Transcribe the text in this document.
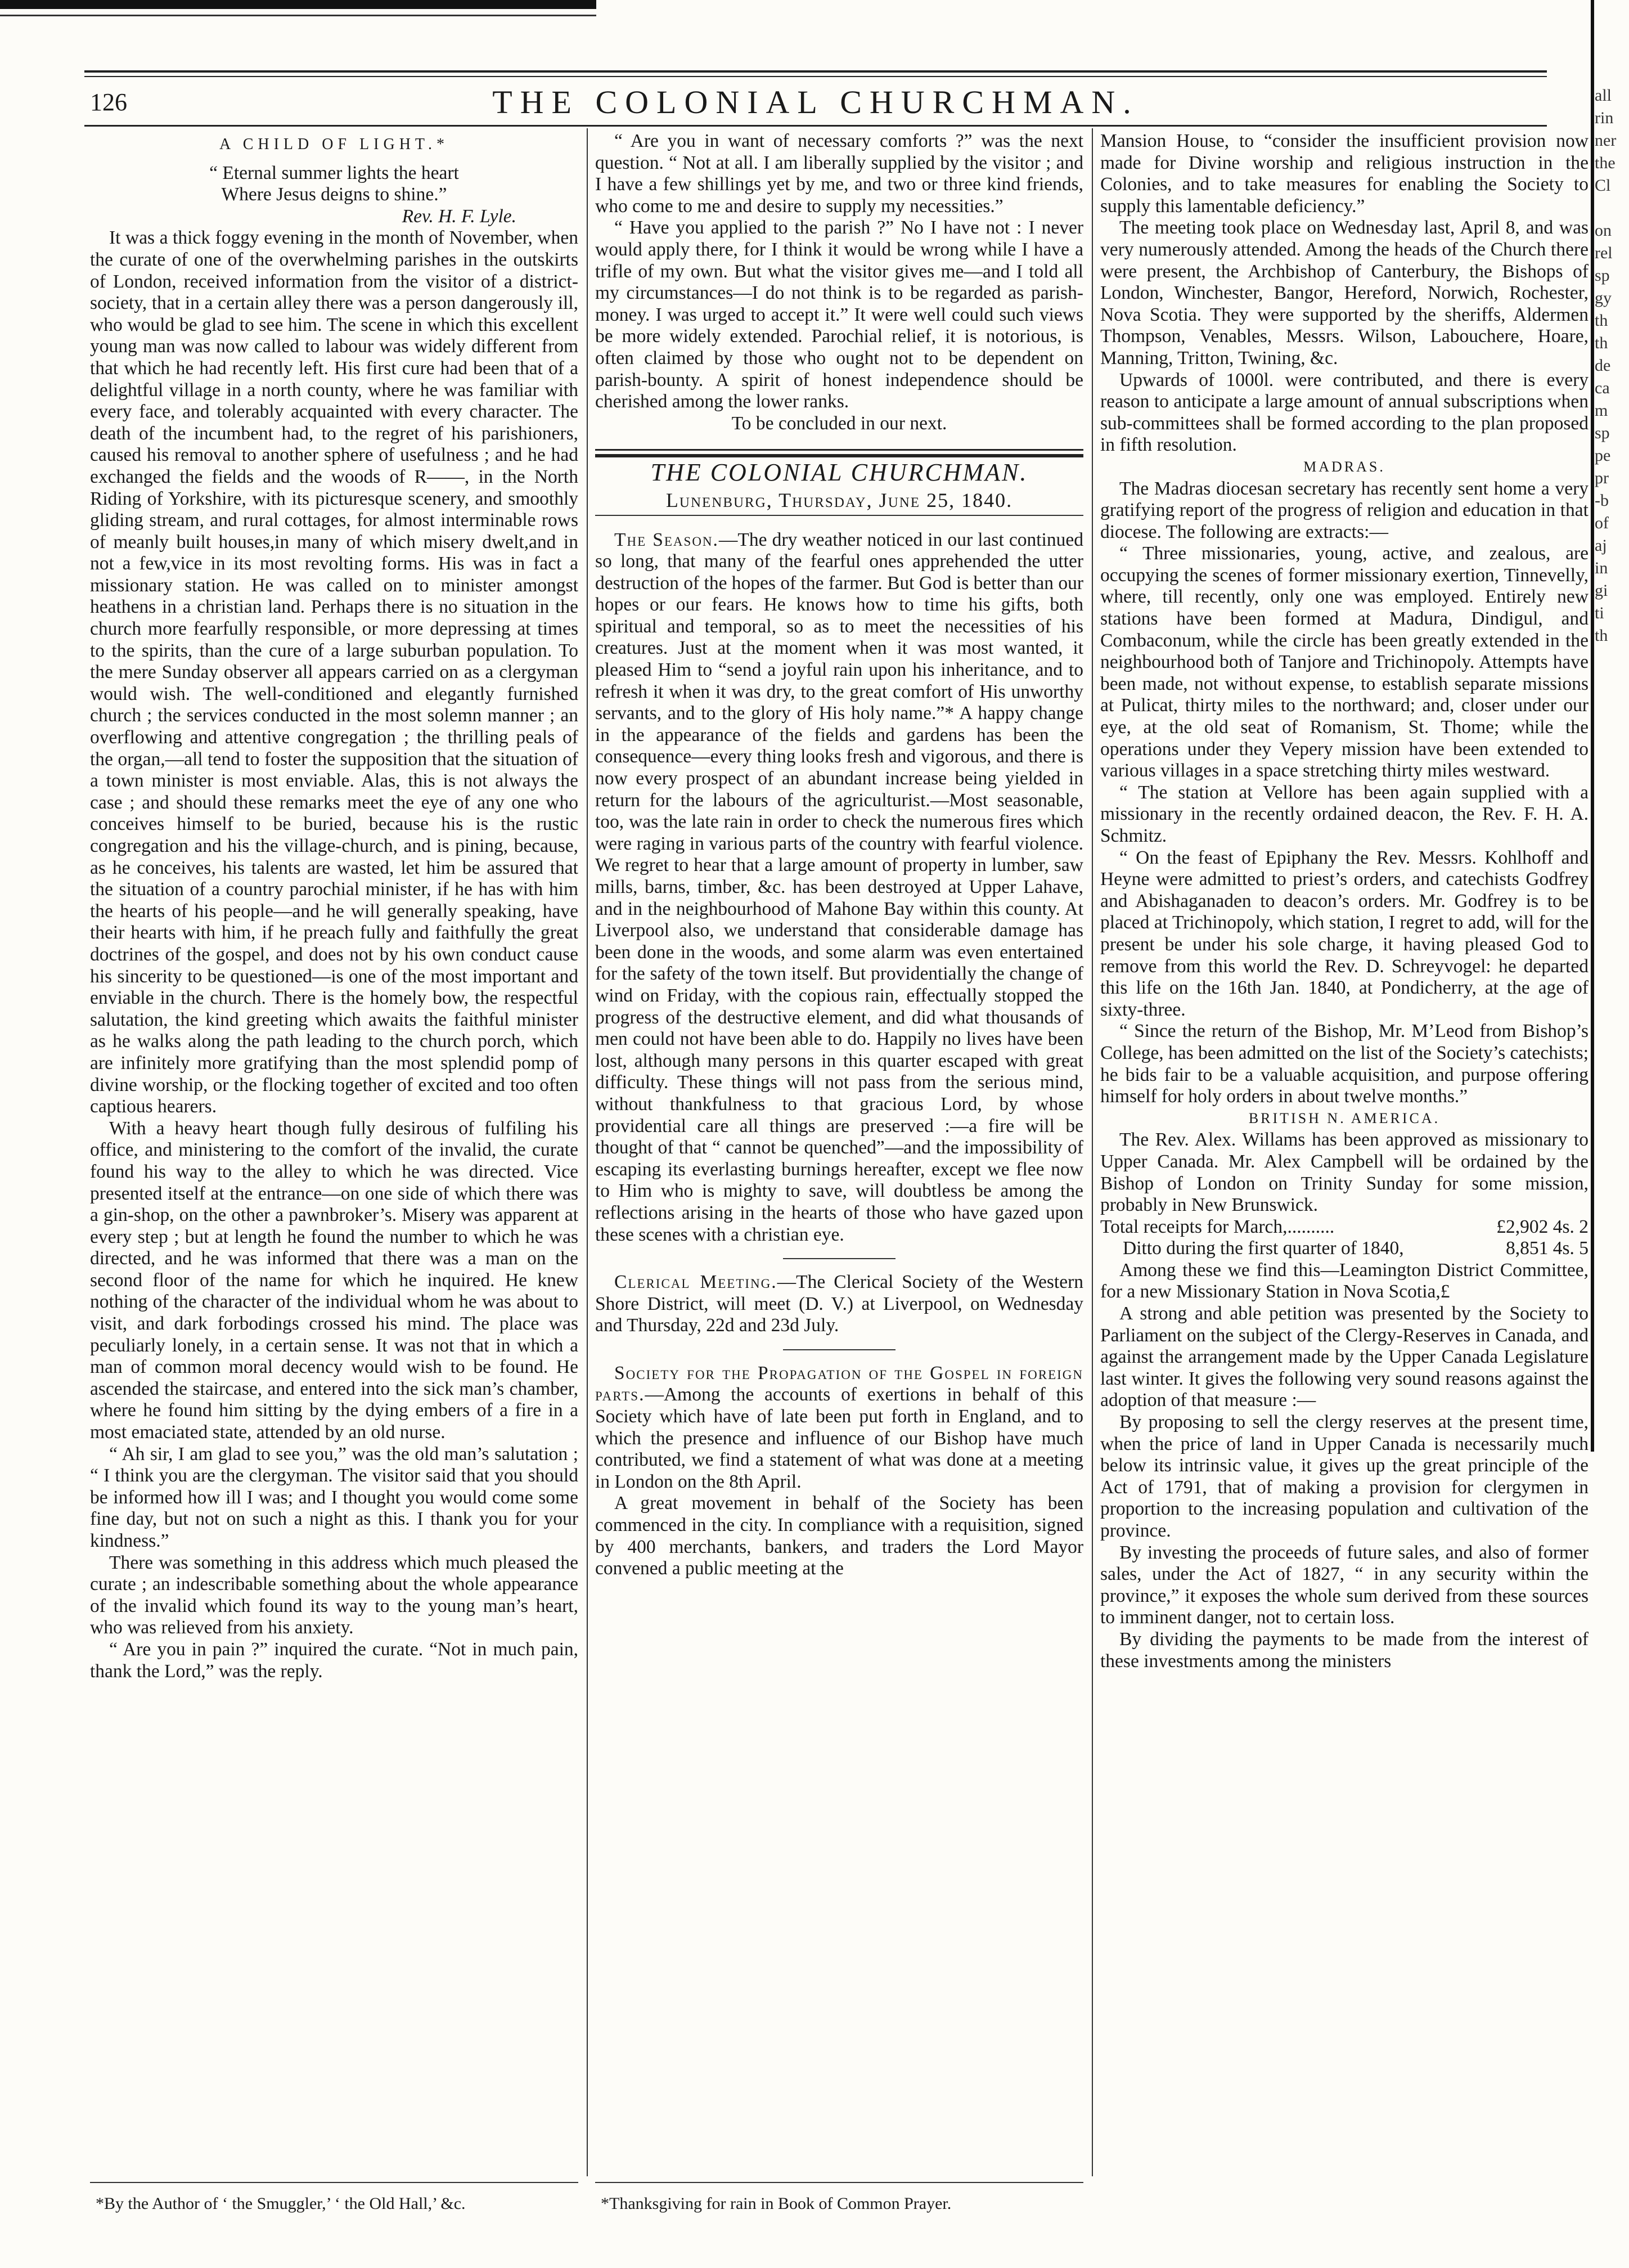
all
rin
ner
the
Cl

on
rel
sp
gy
th
th
de
ca
m
sp
pe
pr
-b
of
aj
in
gi
ti
th
126	THE COLONIAL CHURCHMAN.
A CHILD OF LIGHT.*

“ Eternal summer lights the heart

Where Jesus deigns to shine.”

Rev. H. F. Lyle.

It was a thick foggy evening in the month of November, when the curate of one of the overwhelming parishes in the outskirts of London, received information from the visitor of a district-society, that in a certain alley there was a person dangerously ill, who would be glad to see him. The scene in which this excellent young man was now called to labour was widely different from that which he had recently left. His first cure had been that of a delightful village in a north county, where he was familiar with every face, and tolerably acquainted with every character. The death of the incumbent had, to the regret of his parishioners, caused his removal to another sphere of usefulness ; and he had exchanged the fields and the woods of R——, in the North Riding of Yorkshire, with its picturesque scenery, and smoothly gliding stream, and rural cottages, for almost interminable rows of meanly built houses,in many of which misery dwelt,and in not a few,vice in its most revolting forms. His was in fact a missionary station. He was called on to minister amongst heathens in a christian land. Perhaps there is no situation in the church more fearfully responsible, or more depressing at times to the spirits, than the cure of a large suburban population. To the mere Sunday observer all appears carried on as a clergyman would wish. The well-conditioned and elegantly furnished church ; the services conducted in the most solemn manner ; an overflowing and attentive congregation ; the thrilling peals of the organ,—all tend to foster the supposition that the situation of a town minister is most enviable. Alas, this is not always the case ; and should these remarks meet the eye of any one who conceives himself to be buried, because his is the rustic congregation and his the village-church, and is pining, because, as he conceives, his talents are wasted, let him be assured that the situation of a country parochial minister, if he has with him the hearts of his people—and he will generally speaking, have their hearts with him, if he preach fully and faithfully the great doctrines of the gospel, and does not by his own conduct cause his sincerity to be questioned—is one of the most important and enviable in the church. There is the homely bow, the respectful salutation, the kind greeting which awaits the faithful minister as he walks along the path leading to the church porch, which are infinitely more gratifying than the most splendid pomp of divine worship, or the flocking together of excited and too often captious hearers.

With a heavy heart though fully desirous of fulfiling his office, and ministering to the comfort of the invalid, the curate found his way to the alley to which he was directed. Vice presented itself at the entrance—on one side of which there was a gin-shop, on the other a pawnbroker’s. Misery was apparent at every step ; but at length he found the number to which he was directed, and he was informed that there was a man on the second floor of the name for which he inquired. He knew nothing of the character of the individual whom he was about to visit, and dark forbodings crossed his mind. The place was peculiarly lonely, in a certain sense. It was not that in which a man of common moral decency would wish to be found. He ascended the staircase, and entered into the sick man’s chamber, where he found him sitting by the dying embers of a fire in a most emaciated state, attended by an old nurse.

“ Ah sir, I am glad to see you,” was the old man’s salutation ; “ I think you are the clergyman. The visitor said that you should be informed how ill I was; and I thought you would come some fine day, but not on such a night as this. I thank you for your kindness.”

There was something in this address which much pleased the curate ; an indescribable something about the whole appearance of the invalid which found its way to the young man’s heart, who was relieved from his anxiety.

“ Are you in pain ?” inquired the curate. “Not in much pain, thank the Lord,” was the reply.

“ Are you in want of necessary comforts ?” was the next question. “ Not at all. I am liberally supplied by the visitor ; and I have a few shillings yet by me, and two or three kind friends, who come to me and desire to supply my necessities.”

“ Have you applied to the parish ?” No I have not : I never would apply there, for I think it would be wrong while I have a trifle of my own. But what the visitor gives me—and I told all my circumstances—I do not think is to be regarded as parish-money. I was urged to accept it.” It were well could such views be more widely extended. Parochial relief, it is notorious, is often claimed by those who ought not to be dependent on parish-bounty. A spirit of honest independence should be cherished among the lower ranks.

To be concluded in our next.

THE COLONIAL CHURCHMAN.
Lunenburg, Thursday, June 25, 1840.

The Season.—The dry weather noticed in our last continued so long, that many of the fearful ones apprehended the utter destruction of the hopes of the farmer. But God is better than our hopes or our fears. He knows how to time his gifts, both spiritual and temporal, so as to meet the necessities of his creatures. Just at the moment when it was most wanted, it pleased Him to “send a joyful rain upon his inheritance, and to refresh it when it was dry, to the great comfort of His unworthy servants, and to the glory of His holy name.”* A happy change in the appearance of the fields and gardens has been the consequence—every thing looks fresh and vigorous, and there is now every prospect of an abundant increase being yielded in return for the labours of the agriculturist.—Most seasonable, too, was the late rain in order to check the numerous fires which were raging in various parts of the country with fearful violence. We regret to hear that a large amount of property in lumber, saw mills, barns, timber, &c. has been destroyed at Upper Lahave, and in the neighbourhood of Mahone Bay within this county. At Liverpool also, we understand that considerable damage has been done in the woods, and some alarm was even entertained for the safety of the town itself. But providentially the change of wind on Friday, with the copious rain, effectually stopped the progress of the destructive element, and did what thousands of men could not have been able to do. Happily no lives have been lost, although many persons in this quarter escaped with great difficulty. These things will not pass from the serious mind, without thankfulness to that gracious Lord, by whose providential care all things are preserved :—a fire will be thought of that “ cannot be quenched”—and the impossibility of escaping its everlasting burnings hereafter, except we flee now to Him who is mighty to save, will doubtless be among the reflections arising in the hearts of those who have gazed upon these scenes with a christian eye.

Clerical Meeting.—The Clerical Society of the Western Shore District, will meet (D. V.) at Liverpool, on Wednesday and Thursday, 22d and 23d July.

Society for the Propagation of the Gospel in foreign parts.—Among the accounts of exertions in behalf of this Society which have of late been put forth in England, and to which the presence and influence of our Bishop have much contributed, we find a statement of what was done at a meeting in London on the 8th April.

A great movement in behalf of the Society has been commenced in the city. In compliance with a requisition, signed by 400 merchants, bankers, and traders the Lord Mayor convened a public meeting at the

Mansion House, to “consider the insufficient provision now made for Divine worship and religious instruction in the Colonies, and to take measures for enabling the Society to supply this lamentable deficiency.”

The meeting took place on Wednesday last, April 8, and was very numerously attended. Among the heads of the Church there were present, the Archbishop of Canterbury, the Bishops of London, Winchester, Bangor, Hereford, Norwich, Rochester, Nova Scotia. They were supported by the sheriffs, Aldermen Thompson, Venables, Messrs. Wilson, Labouchere, Hoare, Manning, Tritton, Twining, &c.

Upwards of 1000l. were contributed, and there is every reason to anticipate a large amount of annual subscriptions when sub-committees shall be formed according to the plan proposed in fifth resolution.

MADRAS.

The Madras diocesan secretary has recently sent home a very gratifying report of the progress of religion and education in that diocese. The following are extracts:—

“ Three missionaries, young, active, and zealous, are occupying the scenes of former missionary exertion, Tinnevelly, where, till recently, only one was employed. Entirely new stations have been formed at Madura, Dindigul, and Combaconum, while the circle has been greatly extended in the neighbourhood both of Tanjore and Trichinopoly. Attempts have been made, not without expense, to establish separate missions at Pulicat, thirty miles to the northward; and, closer under our eye, at the old seat of Romanism, St. Thome; while the operations under they Vepery mission have been extended to various villages in a space stretching thirty miles westward.

“ The station at Vellore has been again supplied with a missionary in the recently ordained deacon, the Rev. F. H. A. Schmitz.

“ On the feast of Epiphany the Rev. Messrs. Kohlhoff and Heyne were admitted to priest’s orders, and catechists Godfrey and Abishaganaden to deacon’s orders. Mr. Godfrey is to be placed at Trichinopoly, which station, I regret to add, will for the present be under his sole charge, it having pleased God to remove from this world the Rev. D. Schreyvogel: he departed this life on the 16th Jan. 1840, at Pondicherry, at the age of sixty-three.

“ Since the return of the Bishop, Mr. M’Leod from Bishop’s College, has been admitted on the list of the Society’s catechists; he bids fair to be a valuable acquisition, and purpose offering himself for holy orders in about twelve months.”

BRITISH N. AMERICA.

The Rev. Alex. Willams has been approved as missionary to Upper Canada. Mr. Alex Campbell will be ordained by the Bishop of London on Trinity Sunday for some mission, probably in New Brunswick.

Total receipts for March,..........	£2,902 4s. 2
Ditto during the first quarter of 1840,	8,851 4s. 5

Among these we find this—Leamington District Committee, for a new Missionary Station in Nova Scotia,£

A strong and able petition was presented by the Society to Parliament on the subject of the Clergy-Reserves in Canada, and against the arrangement made by the Upper Canada Legislature last winter. It gives the following very sound reasons against the adoption of that measure :—

By proposing to sell the clergy reserves at the present time, when the price of land in Upper Canada is necessarily much below its intrinsic value, it gives up the great principle of the Act of 1791, that of making a provision for clergymen in proportion to the increasing population and cultivation of the province.

By investing the proceeds of future sales, and also of former sales, under the Act of 1827, “ in any security within the province,” it exposes the whole sum derived from these sources to imminent danger, not to certain loss.

By dividing the payments to be made from the interest of these investments among the ministers

*By the Author of ‘ the Smuggler,’ ‘ the Old Hall,’ &c.	*Thanksgiving for rain in Book of Common Prayer.
